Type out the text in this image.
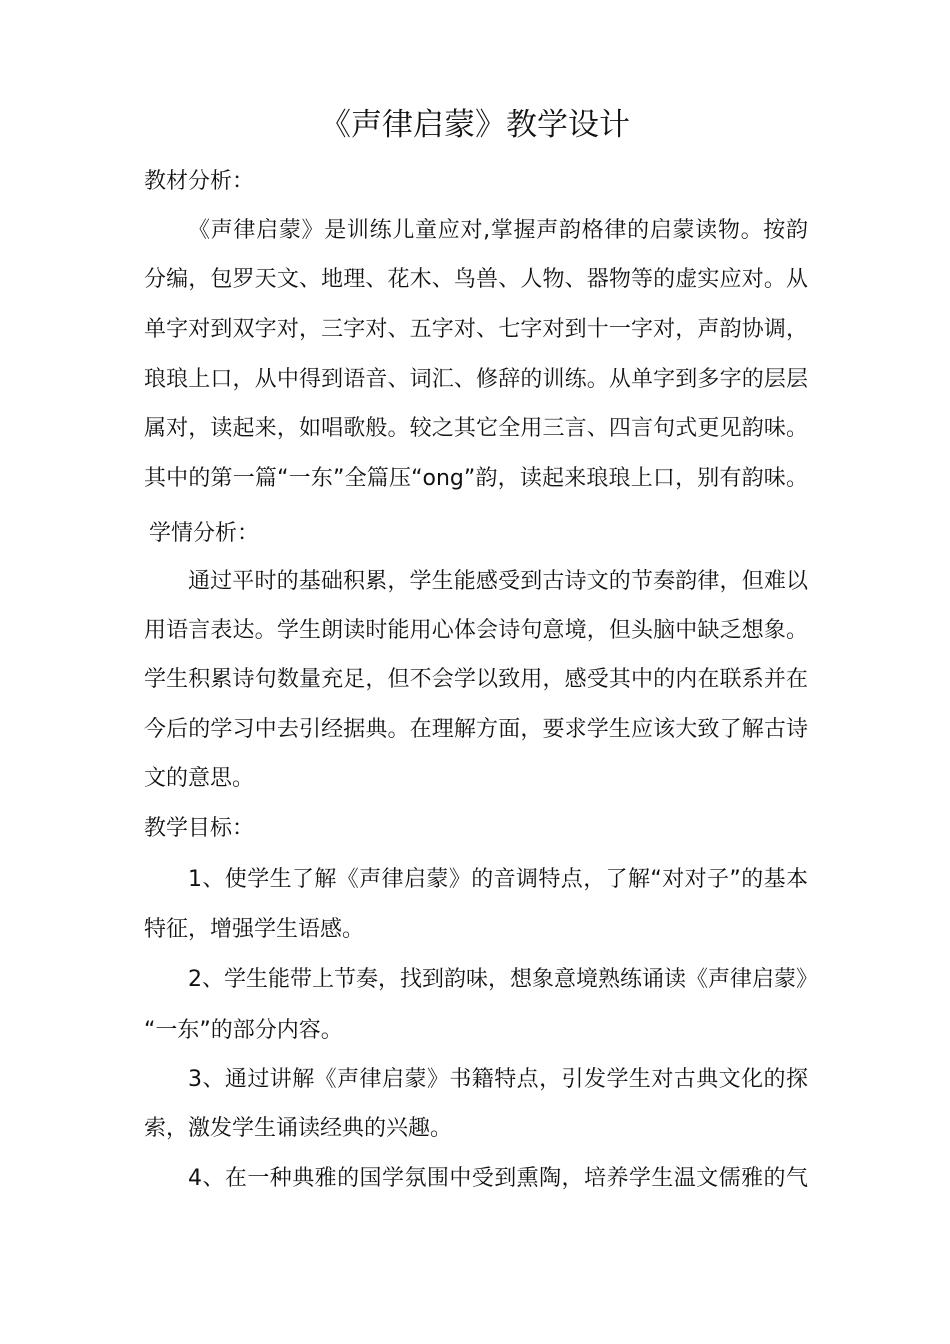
《声律启蒙》教学设计

教材分析：

《声律启蒙》是训练儿童应对,掌握声韵格律的启蒙读物。按韵

分编，包罗天文、地理、花木、鸟兽、人物、器物等的虚实应对。从

单字对到双字对，三字对、五字对、七字对到十一字对，声韵协调，

琅琅上口，从中得到语音、词汇、修辞的训练。从单字到多字的层层

属对，读起来，如唱歌般。较之其它全用三言、四言句式更见韵味。

其中的第一篇“一东”全篇压“ong”韵，读起来琅琅上口，别有韵味。

学情分析：

通过平时的基础积累，学生能感受到古诗文的节奏韵律，但难以

用语言表达。学生朗读时能用心体会诗句意境，但头脑中缺乏想象。

学生积累诗句数量充足，但不会学以致用，感受其中的内在联系并在

今后的学习中去引经据典。在理解方面，要求学生应该大致了解古诗

文的意思。

教学目标：

1、使学生了解《声律启蒙》的音调特点，了解“对对子”的基本

特征，增强学生语感。

2、学生能带上节奏，找到韵味，想象意境熟练诵读《声律启蒙》

“一东”的部分内容。

3、通过讲解《声律启蒙》书籍特点，引发学生对古典文化的探

索，激发学生诵读经典的兴趣。

4、在一种典雅的国学氛围中受到熏陶，培养学生温文儒雅的气
